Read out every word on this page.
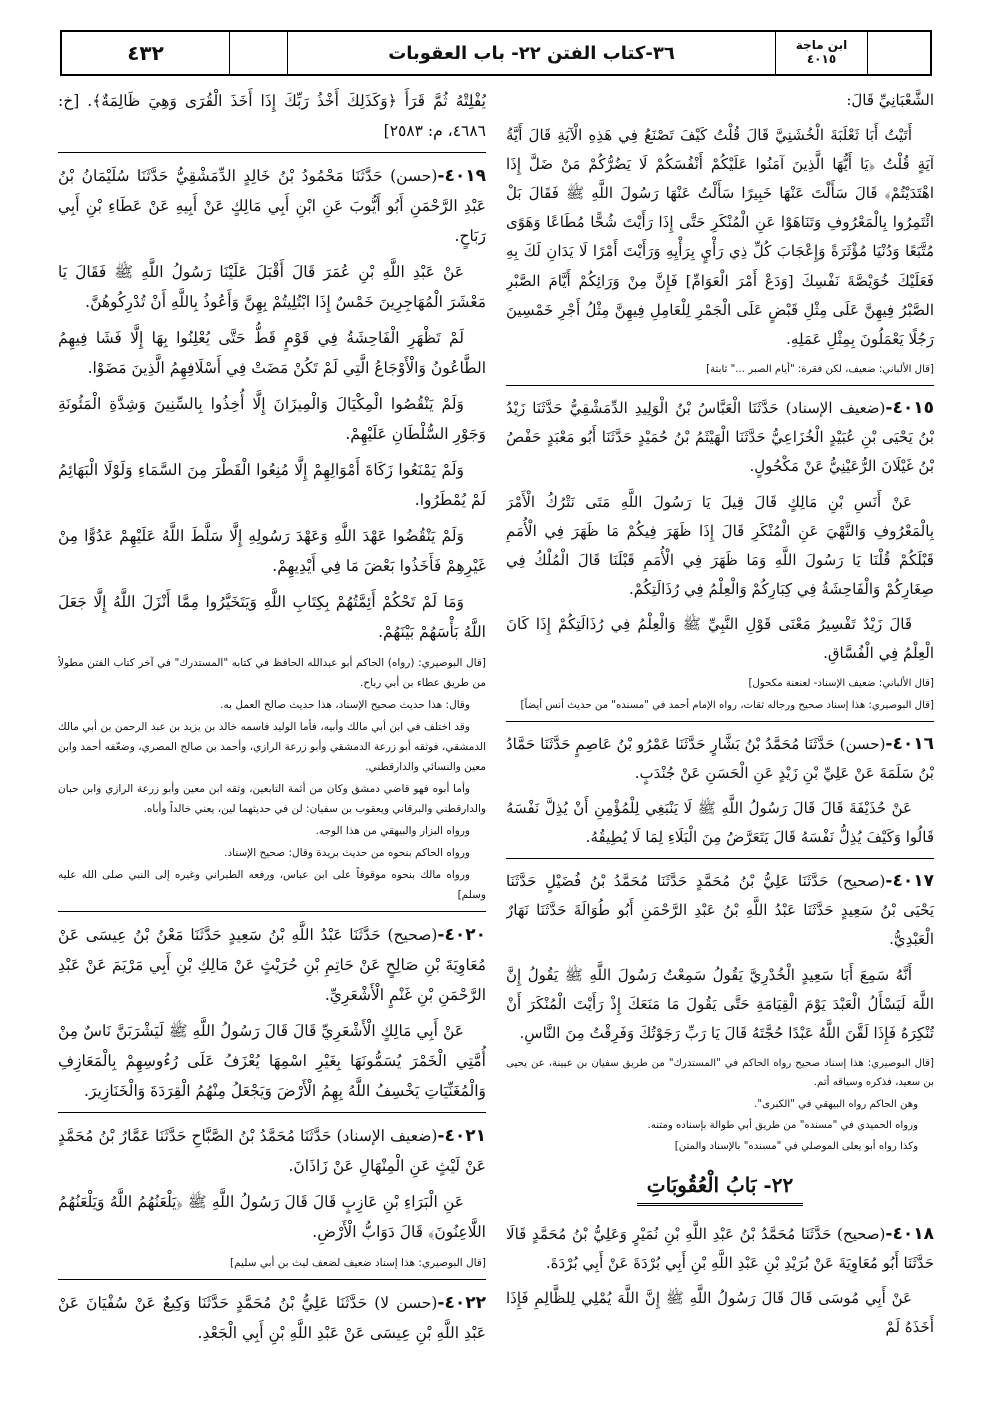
٤٣٢	٣٦-كتاب الفتن ٢٢- باب العقوبات	ابن ماجة
٤٠١٥

الشَّعْبَانِيِّ قَالَ:

أَتَيْتُ أَبَا ثَعْلَبَةَ الْخُشَنِيَّ قَالَ قُلْتُ كَيْفَ تَصْنَعُ فِي هَذِهِ الْآيَةِ قَالَ أَيَّةُ آيَةٍ قُلْتُ ﴿يَا أَيُّهَا الَّذِينَ آمَنُوا عَلَيْكُمْ أَنْفُسَكُمْ لَا يَضُرُّكُمْ مَنْ ضَلَّ إِذَا اهْتَدَيْتُمْ﴾ قَالَ سَأَلْتَ عَنْهَا خَبِيرًا سَأَلْتُ عَنْهَا رَسُولَ اللَّهِ ﷺ فَقَالَ بَلْ ائْتَمِرُوا بِالْمَعْرُوفِ وَتَنَاهَوْا عَنِ الْمُنْكَرِ حَتَّى إِذَا رَأَيْتَ شُحًّا مُطَاعًا وَهَوًى مُتَّبَعًا وَدُنْيَا مُؤْثَرَةً وَإِعْجَابَ كُلِّ ذِي رَأْيٍ بِرَأْيِهِ وَرَأَيْتَ أَمْرًا لَا يَدَانِ لَكَ بِهِ فَعَلَيْكَ خُوَيْصَّةَ نَفْسِكَ [وَدَعْ أَمْرَ الْعَوَامِّ] فَإِنَّ مِنْ وَرَائِكُمْ أَيَّامَ الصَّبْرِ الصَّبْرُ فِيهِنَّ عَلَى مِثْلِ قَبْضٍ عَلَى الْجَمْرِ لِلْعَامِلِ فِيهِنَّ مِثْلُ أَجْرِ خَمْسِينَ رَجُلًا يَعْمَلُونَ بِمِثْلِ عَمَلِهِ.

[قال الألباني: ضعيف، لكن فقرة: "أيام الصبر ..." ثابتة]

٤٠١٥-(ضعيف الإسناد) حَدَّثَنَا الْعَبَّاسُ بْنُ الْوَلِيدِ الدِّمَشْقِيُّ حَدَّثَنَا زَيْدُ بْنُ يَحْيَى بْنِ عُبَيْدٍ الْخُزَاعِيُّ حَدَّثَنَا الْهَيْثَمُ بْنُ حُمَيْدٍ حَدَّثَنَا أَبُو مَعْبَدٍ حَفْصُ بْنُ غَيْلَانَ الرُّعَيْنِيُّ عَنْ مَكْحُولٍ.

عَنْ أَنَسِ بْنِ مَالِكٍ قَالَ قِيلَ يَا رَسُولَ اللَّهِ مَتَى نَتْرُكُ الْأَمْرَ بِالْمَعْرُوفِ وَالنَّهْيَ عَنِ الْمُنْكَرِ قَالَ إِذَا ظَهَرَ فِيكُمْ مَا ظَهَرَ فِي الْأُمَمِ قَبْلَكُمْ قُلْنَا يَا رَسُولَ اللَّهِ وَمَا ظَهَرَ فِي الْأُمَمِ قَبْلَنَا قَالَ الْمُلْكُ فِي صِغَارِكُمْ وَالْفَاحِشَةُ فِي كِبَارِكُمْ وَالْعِلْمُ فِي رُذَالَتِكُمْ.

قَالَ زَيْدٌ تَفْسِيرُ مَعْنَى قَوْلِ النَّبِيِّ ﷺ وَالْعِلْمُ فِي رُذَالَتِكُمْ إِذَا كَانَ الْعِلْمُ فِي الْفُسَّاقِ.

[قال الألباني: ضعيف الإسناد- لعنعنة مكحول]

[قال البوصيري: هذا إسناد صحيح ورجاله ثقات، رواه الإمام أحمد في "مسنده" من حديث أنس أيضاً]

٤٠١٦-(حسن) حَدَّثَنَا مُحَمَّدُ بْنُ بَشَّارٍ حَدَّثَنَا عَمْرُو بْنُ عَاصِمٍ حَدَّثَنَا حَمَّادُ بْنُ سَلَمَةَ عَنْ عَلِيِّ بْنِ زَيْدٍ عَنِ الْحَسَنِ عَنْ جُنْدَبٍ.

عَنْ حُذَيْفَةَ قَالَ قَالَ رَسُولُ اللَّهِ ﷺ لَا يَنْبَغِي لِلْمُؤْمِنِ أَنْ يُذِلَّ نَفْسَهُ قَالُوا وَكَيْفَ يُذِلُّ نَفْسَهُ قَالَ يَتَعَرَّضُ مِنَ الْبَلَاءِ لِمَا لَا يُطِيقُهُ.

٤٠١٧-(صحيح) حَدَّثَنَا عَلِيُّ بْنُ مُحَمَّدٍ حَدَّثَنَا مُحَمَّدُ بْنُ فُضَيْلٍ حَدَّثَنَا يَحْيَى بْنُ سَعِيدٍ حَدَّثَنَا عَبْدُ اللَّهِ بْنُ عَبْدِ الرَّحْمَنِ أَبُو طُوَالَةَ حَدَّثَنَا نَهَارٌ الْعَبْدِيُّ.

أَنَّهُ سَمِعَ أَبَا سَعِيدٍ الْخُدْرِيَّ يَقُولُ سَمِعْتُ رَسُولَ اللَّهِ ﷺ يَقُولُ إِنَّ اللَّهَ لَيَسْأَلُ الْعَبْدَ يَوْمَ الْقِيَامَةِ حَتَّى يَقُولَ مَا مَنَعَكَ إِذْ رَأَيْتَ الْمُنْكَرَ أَنْ تُنْكِرَهُ فَإِذَا لَقَّنَ اللَّهُ عَبْدًا حُجَّتَهُ قَالَ يَا رَبِّ رَجَوْتُكَ وَفَرِقْتُ مِنَ النَّاسِ.

[قال البوصيري: هذا إسناد صحيح رواه الحاكم في "المستدرك" من طريق سفيان بن عيينة، عن يحيى بن سعيد، فذكره وسياقه أتم.

وهن الحاكم رواه البيهقي في "الكبرى".

ورواه الحميدي في "مسنده" من طريق أبي طوالة بإسناده ومتنه.

وكذا رواه أبو يعلى الموصلي في "مسنده" بالإسناد والمتن]

٢٢- بَابُ الْعُقُوبَاتِ

٤٠١٨-(صحيح) حَدَّثَنَا مُحَمَّدُ بْنُ عَبْدِ اللَّهِ بْنِ نُمَيْرٍ وَعَلِيُّ بْنُ مُحَمَّدٍ قَالَا حَدَّثَنَا أَبُو مُعَاوِيَةَ عَنْ بُرَيْدِ بْنِ عَبْدِ اللَّهِ بْنِ أَبِي بُرْدَةَ عَنْ أَبِي بُرْدَةَ.

عَنْ أَبِي مُوسَى قَالَ قَالَ رَسُولُ اللَّهِ ﷺ إِنَّ اللَّهَ يُمْلِي لِلظَّالِمِ فَإِذَا أَخَذَهُ لَمْ

يُفْلِتْهُ ثُمَّ قَرَأَ ﴿وَكَذَلِكَ أَخْذُ رَبِّكَ إِذَا أَخَذَ الْقُرَى وَهِيَ ظَالِمَةٌ﴾. [خ: ٤٦٨٦، م: ٢٥٨٣]

٤٠١٩-(حسن) حَدَّثَنَا مَحْمُودُ بْنُ خَالِدٍ الدِّمَشْقِيُّ حَدَّثَنَا سُلَيْمَانُ بْنُ عَبْدِ الرَّحْمَنِ أَبُو أَيُّوبَ عَنِ ابْنِ أَبِي مَالِكٍ عَنْ أَبِيهِ عَنْ عَطَاءِ بْنِ أَبِي رَبَاحٍ.

عَنْ عَبْدِ اللَّهِ بْنِ عُمَرَ قَالَ أَقْبَلَ عَلَيْنَا رَسُولُ اللَّهِ ﷺ فَقَالَ يَا مَعْشَرَ الْمُهَاجِرِينَ خَمْسٌ إِذَا ابْتُلِيتُمْ بِهِنَّ وَأَعُوذُ بِاللَّهِ أَنْ تُدْرِكُوهُنَّ.

لَمْ تَظْهَرِ الْفَاحِشَةُ فِي قَوْمٍ قَطُّ حَتَّى يُعْلِنُوا بِهَا إِلَّا فَشَا فِيهِمُ الطَّاعُونُ وَالْأَوْجَاعُ الَّتِي لَمْ تَكُنْ مَضَتْ فِي أَسْلَافِهِمُ الَّذِينَ مَضَوْا.

وَلَمْ يَنْقُصُوا الْمِكْيَالَ وَالْمِيزَانَ إِلَّا أُخِذُوا بِالسِّنِينَ وَشِدَّةِ الْمَئُونَةِ وَجَوْرِ السُّلْطَانِ عَلَيْهِمْ.

وَلَمْ يَمْنَعُوا زَكَاةَ أَمْوَالِهِمْ إِلَّا مُنِعُوا الْقَطْرَ مِنَ السَّمَاءِ وَلَوْلَا الْبَهَائِمُ لَمْ يُمْطَرُوا.

وَلَمْ يَنْقُضُوا عَهْدَ اللَّهِ وَعَهْدَ رَسُولِهِ إِلَّا سَلَّطَ اللَّهُ عَلَيْهِمْ عَدُوًّا مِنْ غَيْرِهِمْ فَأَخَذُوا بَعْضَ مَا فِي أَيْدِيهِمْ.

وَمَا لَمْ تَحْكُمْ أَئِمَّتُهُمْ بِكِتَابِ اللَّهِ وَيَتَخَيَّرُوا مِمَّا أَنْزَلَ اللَّهُ إِلَّا جَعَلَ اللَّهُ بَأْسَهُمْ بَيْنَهُمْ.

[قال البوصيري: (رواه) الحاكم أبو عبدالله الحافظ في كتابه "المستدرك" في آخر كتاب الفتن مطولاً من طريق عطاء بن أبي رباح.

وقال: هذا حديث صحيح الإسناد، هذا حديث صالح العمل به.

وقد اختلف في ابن أبي مالك وأبيه، فأما الوليد فاسمه خالد بن يزيد بن عبد الرحمن بن أبي مالك الدمشقي، فوثقه أبو زرعة الدمشقي وأبو زرعة الرازي، وأحمد بن صالح المصري، وضعّفه أحمد وابن معين والنسائي والدارقطني.

وأما أبوه فهو قاضي دمشق وكان من أئمة التابعين، وثقه ابن معين وأبو زرعة الرازي وابن حبان والدارقطني والبرقاني ويعقوب بن سفيان: لن في حديثهما لين، يعني خالداً وأباه.

ورواه البزار والبيهقي من هذا الوجه.

ورواه الحاكم بنحوه من حديث بريدة وقال: صحيح الإسناد.

ورواه مالك بنحوه موقوفاً على ابن عباس، ورفعه الطبراني وغيره إلى النبي صلى الله عليه وسلم]

٤٠٢٠-(صحيح) حَدَّثَنَا عَبْدُ اللَّهِ بْنُ سَعِيدٍ حَدَّثَنَا مَعْنُ بْنُ عِيسَى عَنْ مُعَاوِيَةَ بْنِ صَالِحٍ عَنْ حَاتِمِ بْنِ حُرَيْثٍ عَنْ مَالِكِ بْنِ أَبِي مَرْيَمَ عَنْ عَبْدِ الرَّحْمَنِ بْنِ غَنْمٍ الْأَشْعَرِيِّ.

عَنْ أَبِي مَالِكٍ الْأَشْعَرِيِّ قَالَ قَالَ رَسُولُ اللَّهِ ﷺ لَيَشْرَبَنَّ نَاسٌ مِنْ أُمَّتِي الْخَمْرَ يُسَمُّونَهَا بِغَيْرِ اسْمِهَا يُعْزَفُ عَلَى رُءُوسِهِمْ بِالْمَعَازِفِ وَالْمُغَنِّيَاتِ يَخْسِفُ اللَّهُ بِهِمُ الْأَرْضَ وَيَجْعَلُ مِنْهُمُ الْقِرَدَةَ وَالْخَنَازِيرَ.

٤٠٢١-(ضعيف الإسناد) حَدَّثَنَا مُحَمَّدُ بْنُ الصَّبَّاحِ حَدَّثَنَا عَمَّارُ بْنُ مُحَمَّدٍ عَنْ لَيْثٍ عَنِ الْمِنْهَالِ عَنْ زَاذَانَ.

عَنِ الْبَرَاءِ بْنِ عَازِبٍ قَالَ قَالَ رَسُولُ اللَّهِ ﷺ ﴿يَلْعَنُهُمُ اللَّهُ وَيَلْعَنُهُمُ اللَّاعِنُونَ﴾ قَالَ دَوَابُّ الْأَرْضِ.

[قال البوصيري: هذا إسناد ضعيف لضعف ليث بن أبي سليم]

٤٠٢٢-(حسن لا) حَدَّثَنَا عَلِيُّ بْنُ مُحَمَّدٍ حَدَّثَنَا وَكِيعٌ عَنْ سُفْيَانَ عَنْ عَبْدِ اللَّهِ بْنِ عِيسَى عَنْ عَبْدِ اللَّهِ بْنِ أَبِي الْجَعْدِ.
